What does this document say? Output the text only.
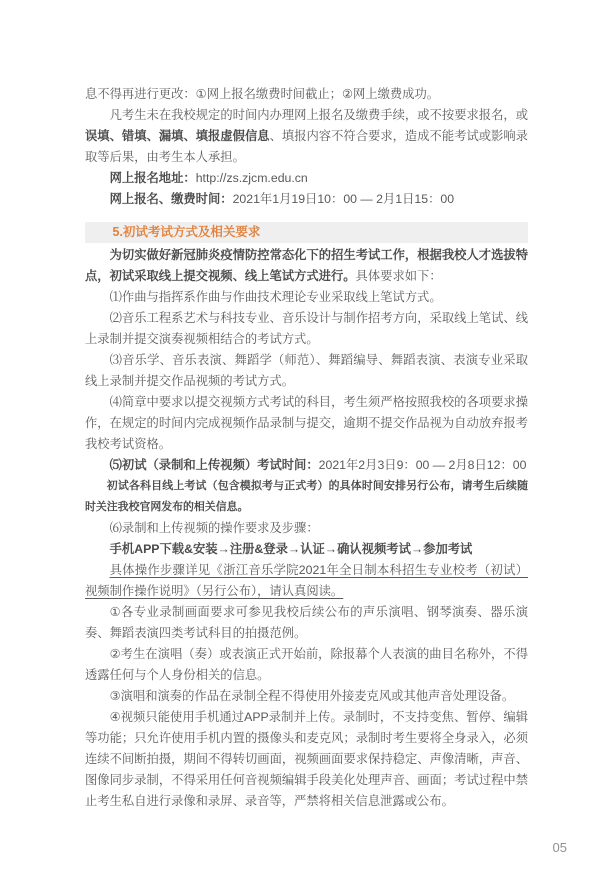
息不得再进行更改：①网上报名缴费时间截止；②网上缴费成功。

凡考生未在我校规定的时间内办理网上报名及缴费手续，或不按要求报名，或误填、错填、漏填、填报虚假信息、填报内容不符合要求，造成不能考试或影响录取等后果，由考生本人承担。

网上报名地址：http://zs.zjcm.edu.cn

网上报名、缴费时间：2021年1月19日10：00 — 2月1日15：00

5.初试考试方式及相关要求

为切实做好新冠肺炎疫情防控常态化下的招生考试工作，根据我校人才选拔特点，初试采取线上提交视频、线上笔试方式进行。具体要求如下：

⑴作曲与指挥系作曲与作曲技术理论专业采取线上笔试方式。

⑵音乐工程系艺术与科技专业、音乐设计与制作招考方向，采取线上笔试、线上录制并提交演奏视频相结合的考试方式。

⑶音乐学、音乐表演、舞蹈学（师范）、舞蹈编导、舞蹈表演、表演专业采取线上录制并提交作品视频的考试方式。

⑷简章中要求以提交视频方式考试的科目，考生须严格按照我校的各项要求操作，在规定的时间内完成视频作品录制与提交，逾期不提交作品视为自动放弃报考我校考试资格。

⑸初试（录制和上传视频）考试时间：2021年2月3日9：00 — 2月8日12：00

初试各科目线上考试（包含模拟考与正式考）的具体时间安排另行公布，请考生后续随时关注我校官网发布的相关信息。

⑹录制和上传视频的操作要求及步骤：

手机APP下载&安装→注册&登录→认证→确认视频考试→参加考试

具体操作步骤详见《浙江音乐学院2021年全日制本科招生专业校考（初试）视频制作操作说明》（另行公布），请认真阅读。

①各专业录制画面要求可参见我校后续公布的声乐演唱、钢琴演奏、器乐演奏、舞蹈表演四类考试科目的拍摄范例。

②考生在演唱（奏）或表演正式开始前，除报幕个人表演的曲目名称外，不得透露任何与个人身份相关的信息。

③演唱和演奏的作品在录制全程不得使用外接麦克风或其他声音处理设备。

④视频只能使用手机通过APP录制并上传。录制时，不支持变焦、暂停、编辑等功能；只允许使用手机内置的摄像头和麦克风；录制时考生要将全身录入，必须连续不间断拍摄，期间不得转切画面，视频画面要求保持稳定、声像清晰，声音、图像同步录制，不得采用任何音视频编辑手段美化处理声音、画面；考试过程中禁止考生私自进行录像和录屏、录音等，严禁将相关信息泄露或公布。

05
